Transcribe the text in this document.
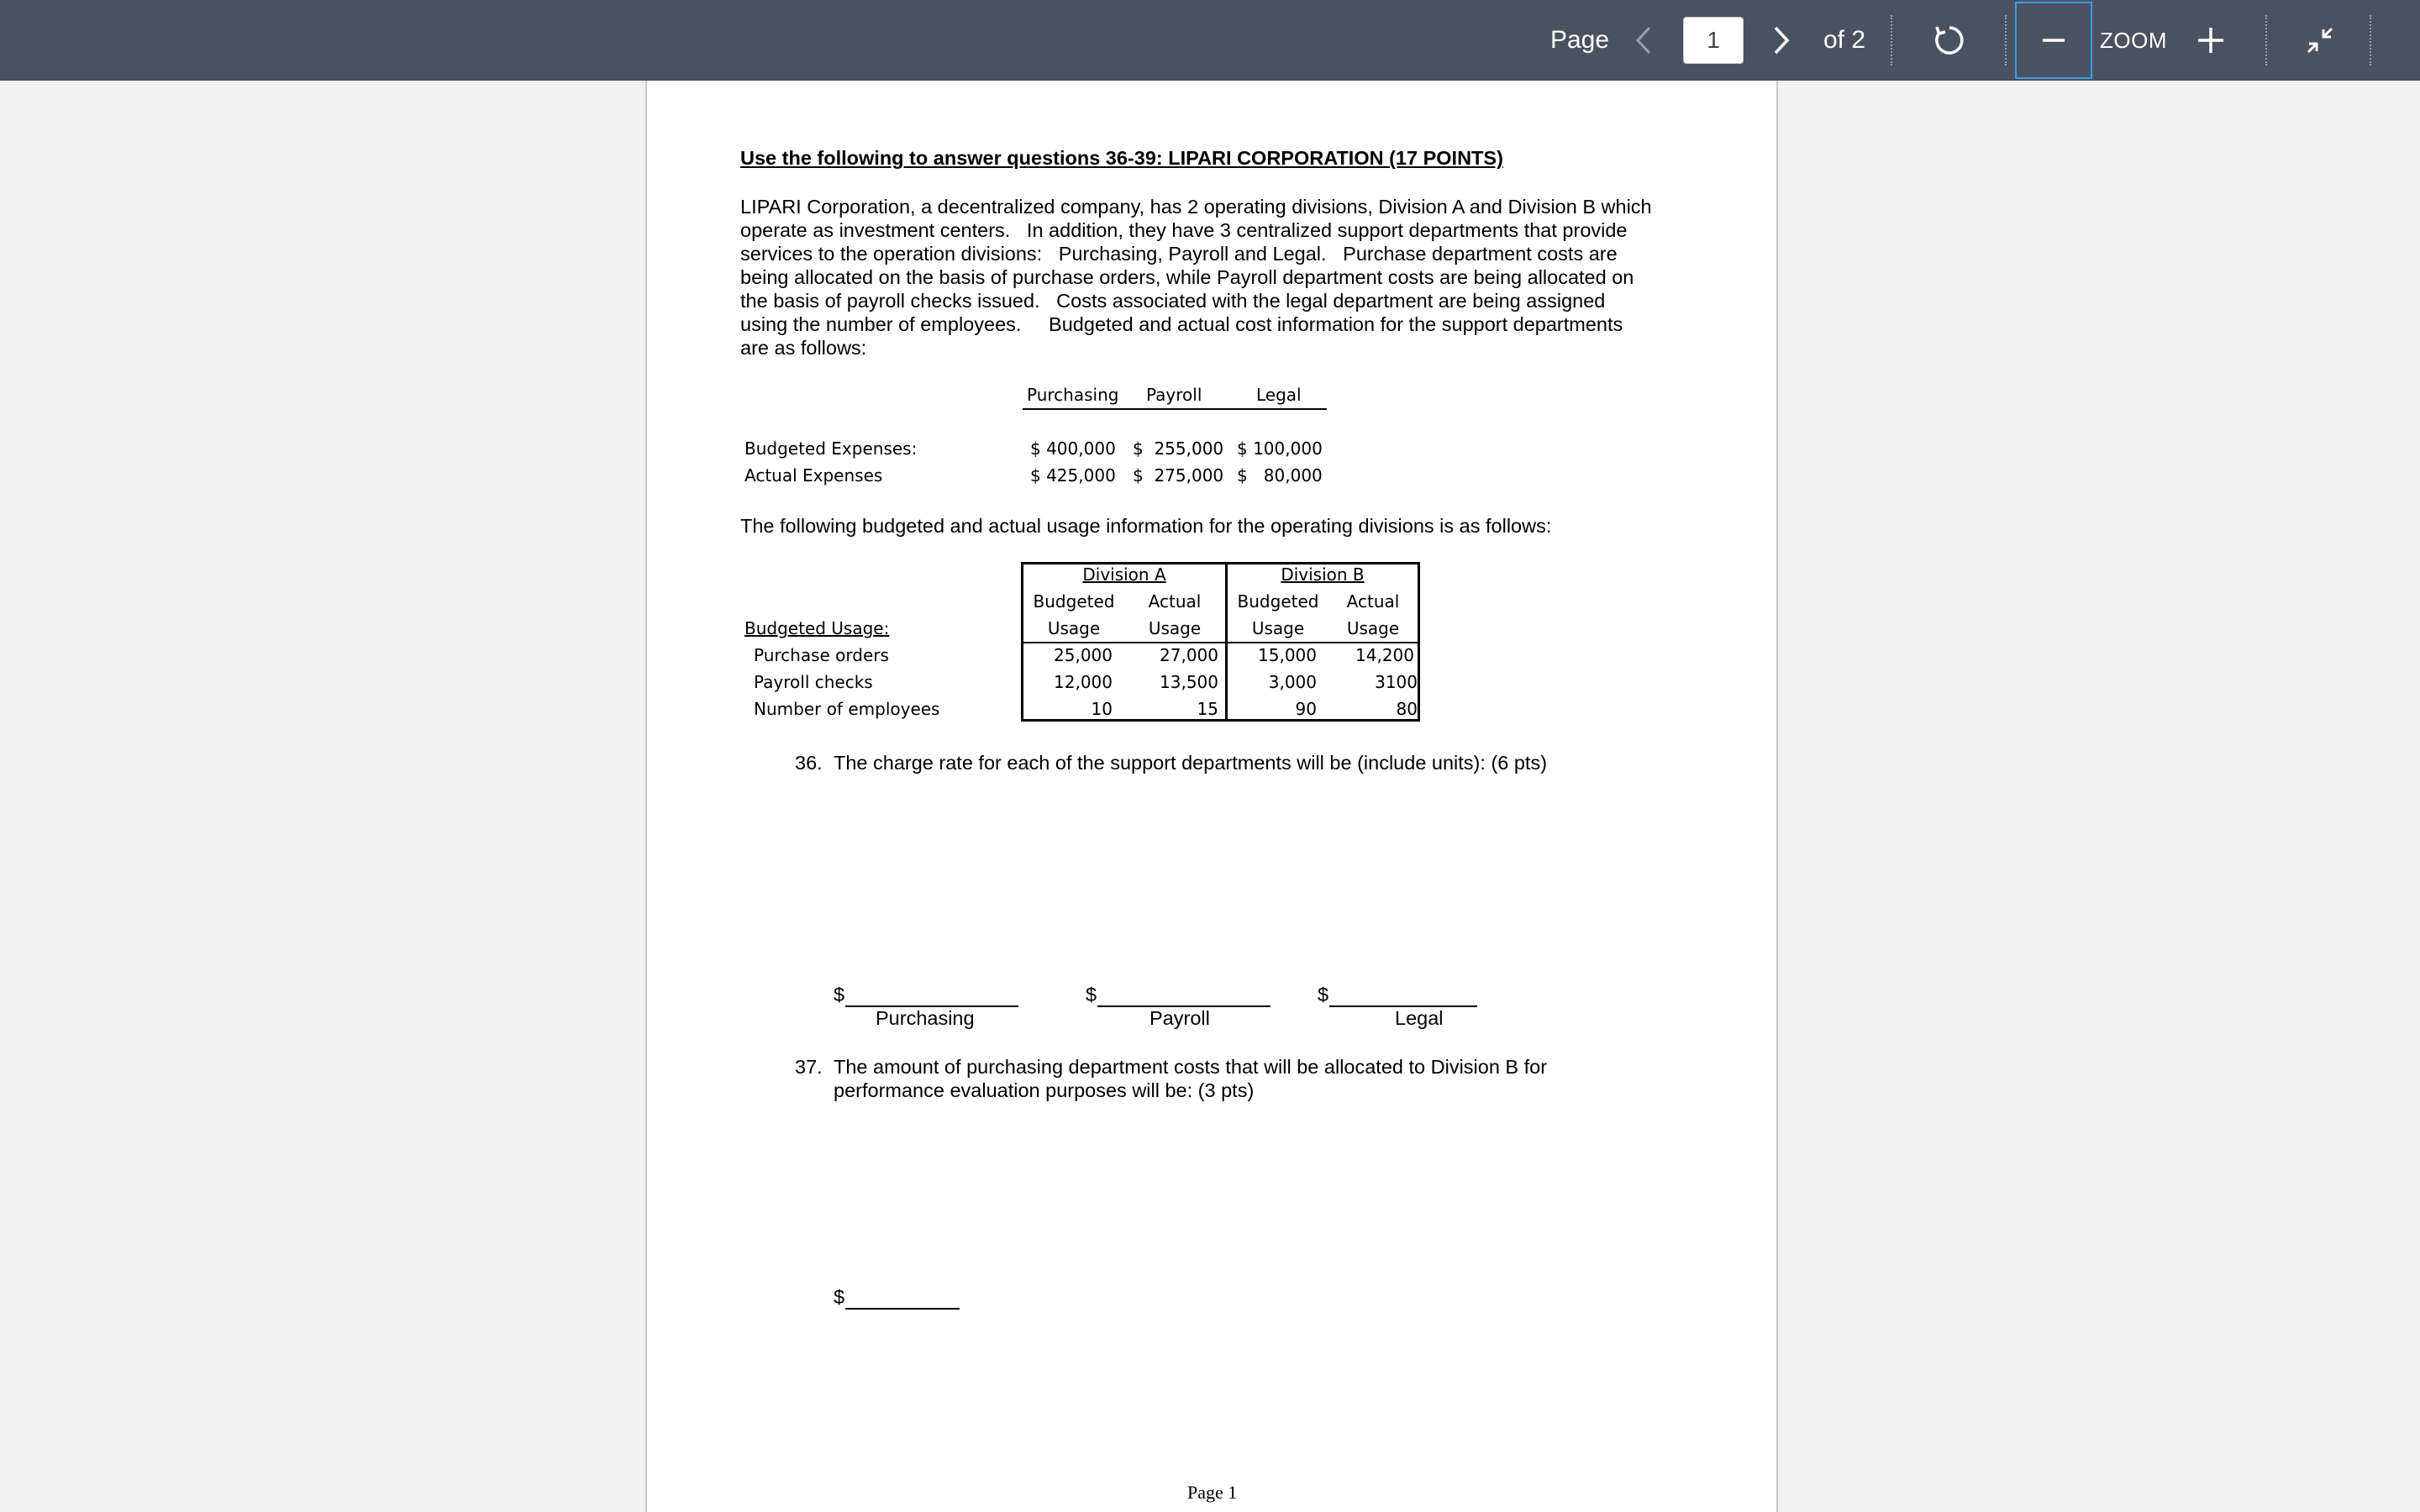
Page	1	of 2	ZOOM
Use the following to answer questions 36-39: LIPARI CORPORATION (17 POINTS)
LIPARI Corporation, a decentralized company, has 2 operating divisions, Division A and Division B which
operate as investment centers.   In addition, they have 3 centralized support departments that provide
services to the operation divisions:   Purchasing, Payroll and Legal.   Purchase department costs are
being allocated on the basis of purchase orders, while Payroll department costs are being allocated on
the basis of payroll checks issued.   Costs associated with the legal department are being assigned
using the number of employees.     Budgeted and actual cost information for the support departments
are as follows:
Purchasing Payroll	Legal
Budgeted Expenses:	$ 400,000 $  255,000 $ 100,000
Actual Expenses	$ 425,000 $  275,000 $   80,000
The following budgeted and actual usage information for the operating divisions is as follows:
Division A	Division B
Budgeted	Actual	Budgeted	Actual
Usage	Usage	Usage	Usage
Budgeted Usage:
Purchase orders	25,000	27,000	15,000	14,200
Payroll checks	12,000	13,500	3,000	3100
Number of employees	10	15	90	80
36. The charge rate for each of the support departments will be (include units): (6 pts)
$
Purchasing
$
Payroll
$
Legal
37. The amount of purchasing department costs that will be allocated to Division B for
performance evaluation purposes will be: (3 pts)
$
Page 1
